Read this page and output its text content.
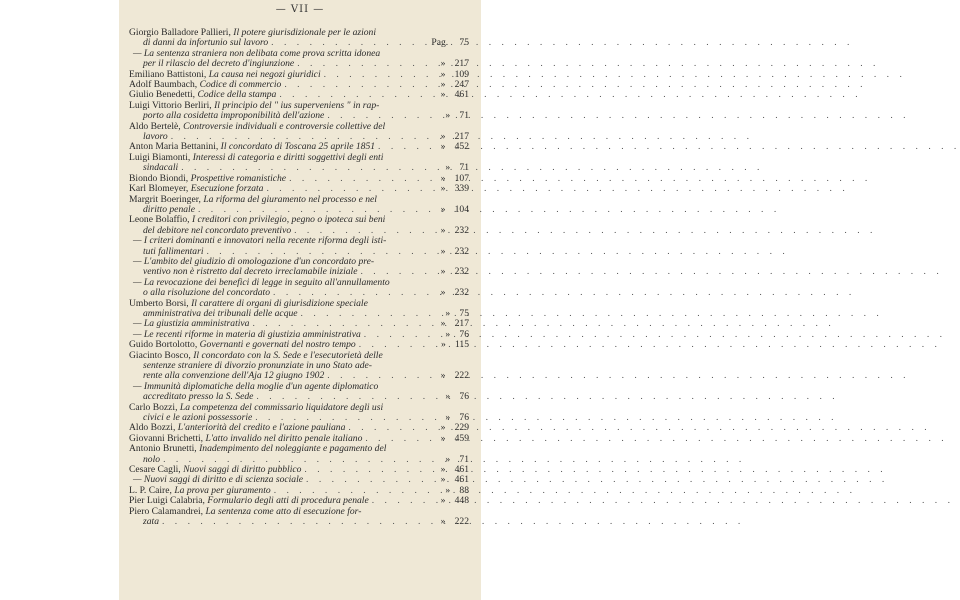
— VII —
Giorgio Balladore Pallieri, Il potere giurisdizionale per le azioni
di danni da infortunio sul lavoro . . .	Pag. 75
— La sentenza straniera non delibata come prova scritta idonea
per il rilascio del decreto d'ingiunzione . . .	» 217
Emiliano Battistoni, La causa nei negozi giuridici . . .	» 109
Adolf Baumbach, Codice di commercio . . .	» 247
Giulio Benedetti, Codice della stampa . . .	» 461
Luigi Vittorio Berliri, Il principio del " ius superveniens " in rap-
porto alla cosidetta improponibilità dell'azione . . .	» 71
Aldo Bertelè, Controversie individuali e controversie collettive del
lavoro . . .	» 217
Anton Maria Bettanini, Il concordato di Toscana 25 aprile 1851 . . .	» 452
Luigi Biamonti, Interessi di categoria e diritti soggettivi degli enti
sindacali . . .	» 71
Biondo Biondi, Prospettive romanistiche . . .	» 107
Karl Blomeyer, Esecuzione forzata . . .	» 339
Margrit Boeringer, La riforma del giuramento nel processo e nel
diritto penale . . .	» 104
Leone Bolaffio, I creditori con privilegio, pegno o ipoteca sui beni
del debitore nel concordato preventivo . . .	» 232
— I criteri dominanti e innovatori nella recente riforma degli isti-
tuti fallimentari . . .	» 232
— L'ambito del giudizio di omologazione d'un concordato pre-
ventivo non è ristretto dal decreto irreclamabile iniziale . . .	» 232
— La revocazione dei benefici di legge in seguito all'annullamento
o alla risoluzione del concordato . . .	» 232
Umberto Borsi, Il carattere di organi di giurisdizione speciale
amministrativa dei tribunali delle acque . . .	» 75
— La giustizia amministrativa . . .	» 217
— Le recenti riforme in materia di giustizia amministrativa . . .	» 76
Guido Bortolotto, Governanti e governati del nostro tempo . . .	» 115
Giacinto Bosco, Il concordato con la S. Sede e l'esecutorietà delle
sentenze straniere di divorzio pronunziate in uno Stato ade-
rente alla convenzione dell'Aja 12 giugno 1902 . . .	» 222
— Immunità diplomatiche della moglie d'un agente diplomatico
accreditato presso la S. Sede . . .	» 76
Carlo Bozzi, La competenza del commissario liquidatore degli usi
civici e le azioni possessorie . . .	» 76
Aldo Bozzi, L'anteriorità del credito e l'azione pauliana . . .	» 229
Giovanni Brichetti, L'atto invalido nel diritto penale italiano . . .	» 459
Antonio Brunetti, Inadempimento del noleggiante e pagamento del
nolo . . .	» 71
Cesare Cagli, Nuovi saggi di diritto pubblico . . .	» 461
— Nuovi saggi di diritto e di scienza sociale . . .	» 461
L. P. Caire, La prova per giuramento . . .	» 88
Pier Luigi Calabria, Formulario degli atti di procedura penale . . .	» 448
Piero Calamandrei, La sentenza come atto di esecuzione for-
zata . . .	» 222
